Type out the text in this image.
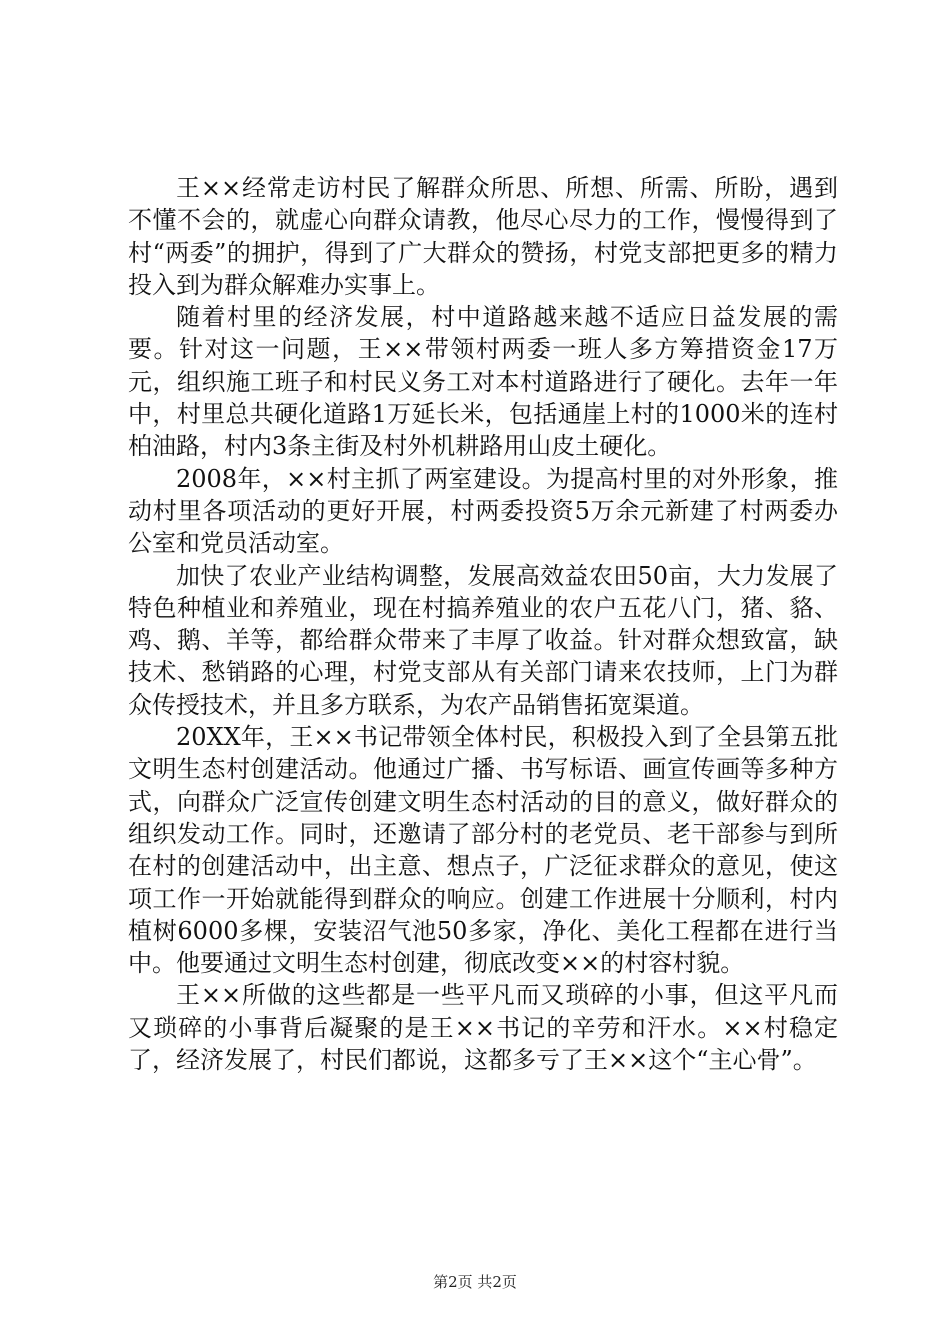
王××经常走访村民了解群众所思、所想、所需、所盼，遇到不懂不会的，就虚心向群众请教，他尽心尽力的工作，慢慢得到了村“两委”的拥护，得到了广大群众的赞扬，村党支部把更多的精力投入到为群众解难办实事上。

随着村里的经济发展，村中道路越来越不适应日益发展的需要。针对这一问题，王××带领村两委一班人多方筹措资金17万元，组织施工班子和村民义务工对本村道路进行了硬化。去年一年中，村里总共硬化道路1万延长米，包括通崖上村的1000米的连村柏油路，村内3条主街及村外机耕路用山皮土硬化。

2008年，××村主抓了两室建设。为提高村里的对外形象，推动村里各项活动的更好开展，村两委投资5万余元新建了村两委办公室和党员活动室。

加快了农业产业结构调整，发展高效益农田50亩，大力发展了特色种植业和养殖业，现在村搞养殖业的农户五花八门，猪、貉、鸡、鹅、羊等，都给群众带来了丰厚了收益。针对群众想致富，缺技术、愁销路的心理，村党支部从有关部门请来农技师，上门为群众传授技术，并且多方联系，为农产品销售拓宽渠道。

20XX年，王××书记带领全体村民，积极投入到了全县第五批文明生态村创建活动。他通过广播、书写标语、画宣传画等多种方式，向群众广泛宣传创建文明生态村活动的目的意义，做好群众的组织发动工作。同时，还邀请了部分村的老党员、老干部参与到所在村的创建活动中，出主意、想点子，广泛征求群众的意见，使这项工作一开始就能得到群众的响应。创建工作进展十分顺利，村内植树6000多棵，安装沼气池50多家，净化、美化工程都在进行当中。他要通过文明生态村创建，彻底改变××的村容村貌。

王××所做的这些都是一些平凡而又琐碎的小事，但这平凡而又琐碎的小事背后凝聚的是王××书记的辛劳和汗水。××村稳定了，经济发展了，村民们都说，这都多亏了王××这个“主心骨”。

第2页 共2页
